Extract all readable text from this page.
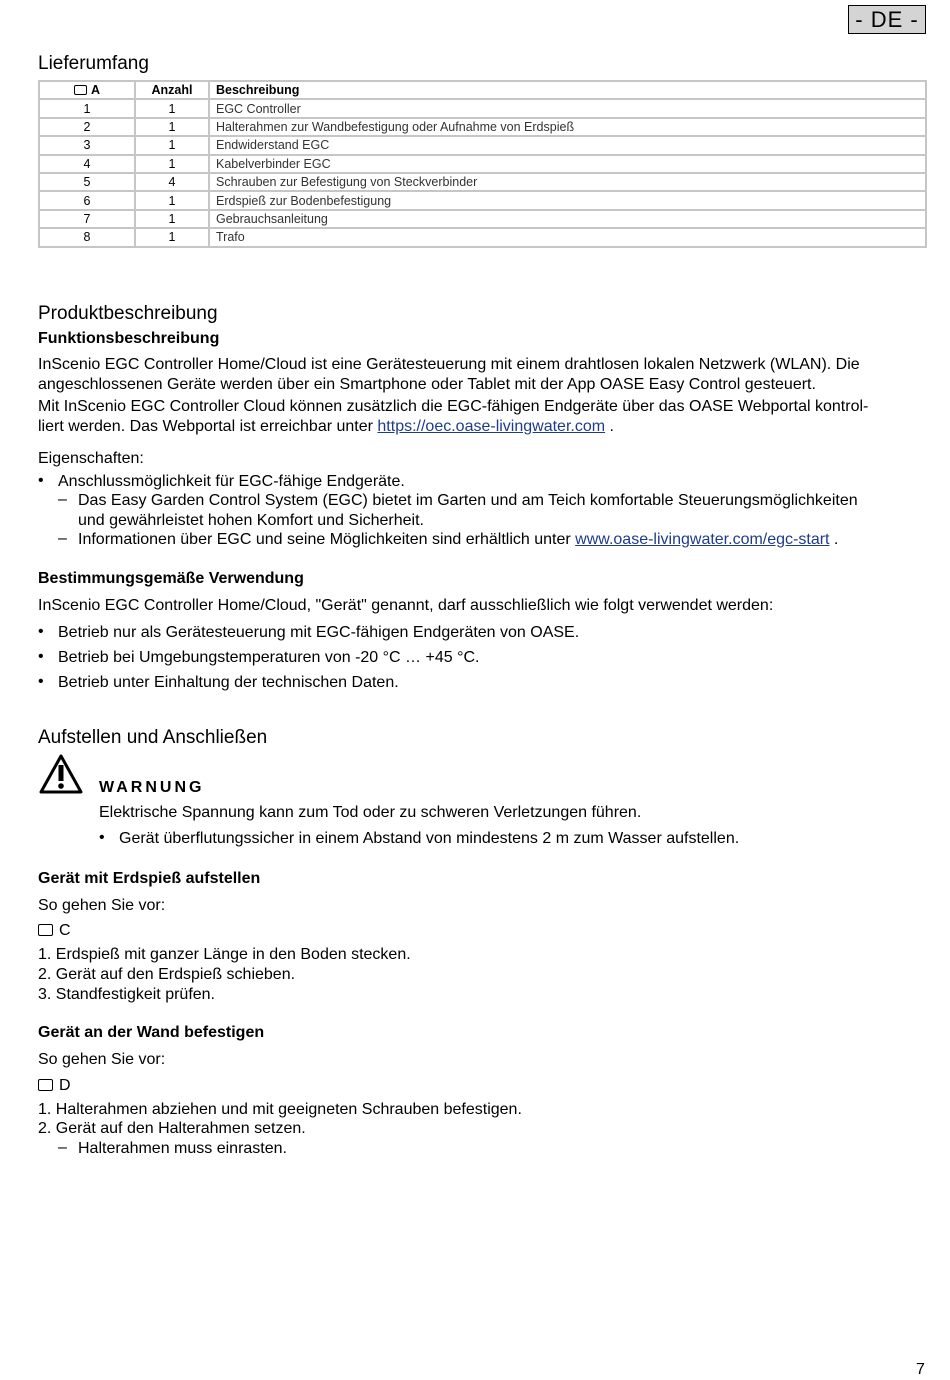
- DE -
Lieferumfang
A	Anzahl	Beschreibung
1	1	EGC Controller
2	1	Halterahmen zur Wandbefestigung oder Aufnahme von Erdspieß
3	1	Endwiderstand EGC
4	1	Kabelverbinder EGC
5	4	Schrauben zur Befestigung von Steckverbinder
6	1	Erdspieß zur Bodenbefestigung
7	1	Gebrauchsanleitung
8	1	Trafo
Produktbeschreibung
Funktionsbeschreibung

InScenio EGC Controller Home/Cloud ist eine Gerätesteuerung mit einem drahtlosen lokalen Netzwerk (WLAN). Die

angeschlossenen Geräte werden über ein Smartphone oder Tablet mit der App OASE Easy Control gesteuert.

Mit InScenio EGC Controller Cloud können zusätzlich die EGC-fähigen Endgeräte über das OASE Webportal kontrol-

liert werden. Das Webportal ist erreichbar unter https://oec.oase-livingwater.com .

Eigenschaften:

• Anschlussmöglichkeit für EGC-fähige Endgeräte.

– Das Easy Garden Control System (EGC) bietet im Garten und am Teich komfortable Steuerungsmöglichkeiten

und gewährleistet hohen Komfort und Sicherheit.

– Informationen über EGC und seine Möglichkeiten sind erhältlich unter www.oase-livingwater.com/egc-start .

Bestimmungsgemäße Verwendung

InScenio EGC Controller Home/Cloud, "Gerät" genannt, darf ausschließlich wie folgt verwendet werden:

• Betrieb nur als Gerätesteuerung mit EGC-fähigen Endgeräten von OASE.

• Betrieb bei Umgebungstemperaturen von -20 °C … +45 °C.

• Betrieb unter Einhaltung der technischen Daten.

Aufstellen und Anschließen
WARNUNG

Elektrische Spannung kann zum Tod oder zu schweren Verletzungen führen.

• Gerät überflutungssicher in einem Abstand von mindestens 2 m zum Wasser aufstellen.

Gerät mit Erdspieß aufstellen

So gehen Sie vor:

C

1. Erdspieß mit ganzer Länge in den Boden stecken.

2. Gerät auf den Erdspieß schieben.

3. Standfestigkeit prüfen.

Gerät an der Wand befestigen

So gehen Sie vor:

D

1. Halterahmen abziehen und mit geeigneten Schrauben befestigen.

2. Gerät auf den Halterahmen setzen.

– Halterahmen muss einrasten.

7
